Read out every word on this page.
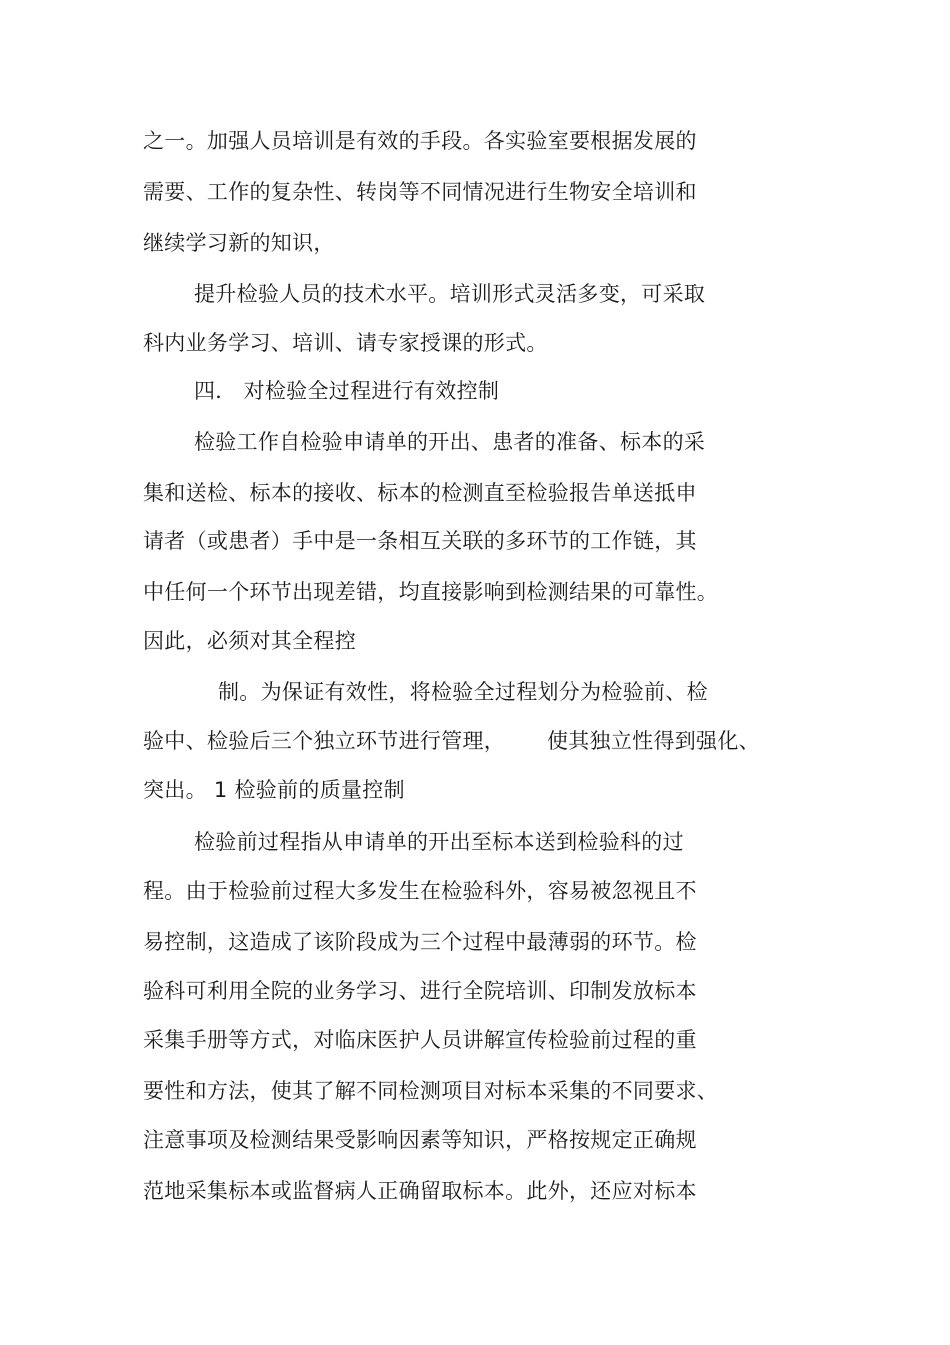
之一。加强人员培训是有效的手段。各实验室要根据发展的
需要、工作的复杂性、转岗等不同情况进行生物安全培训和
继续学习新的知识，
提升检验人员的技术水平。培训形式灵活多变，可采取
科内业务学习、培训、请专家授课的形式。
四． 对检验全过程进行有效控制
检验工作自检验申请单的开出、患者的准备、标本的采
集和送检、标本的接收、标本的检测直至检验报告单送抵申
请者（或患者）手中是一条相互关联的多环节的工作链，其
中任何一个环节出现差错，均直接影响到检测结果的可靠性。
因此，必须对其全程控
制。为保证有效性，将检验全过程划分为检验前、检
验中、检验后三个独立环节进行管理，      使其独立性得到强化、
突出。 1 检验前的质量控制
检验前过程指从申请单的开出至标本送到检验科的过
程。由于检验前过程大多发生在检验科外，容易被忽视且不
易控制，这造成了该阶段成为三个过程中最薄弱的环节。检
验科可利用全院的业务学习、进行全院培训、印制发放标本
采集手册等方式，对临床医护人员讲解宣传检验前过程的重
要性和方法，使其了解不同检测项目对标本采集的不同要求、
注意事项及检测结果受影响因素等知识，严格按规定正确规
范地采集标本或监督病人正确留取标本。此外，还应对标本
